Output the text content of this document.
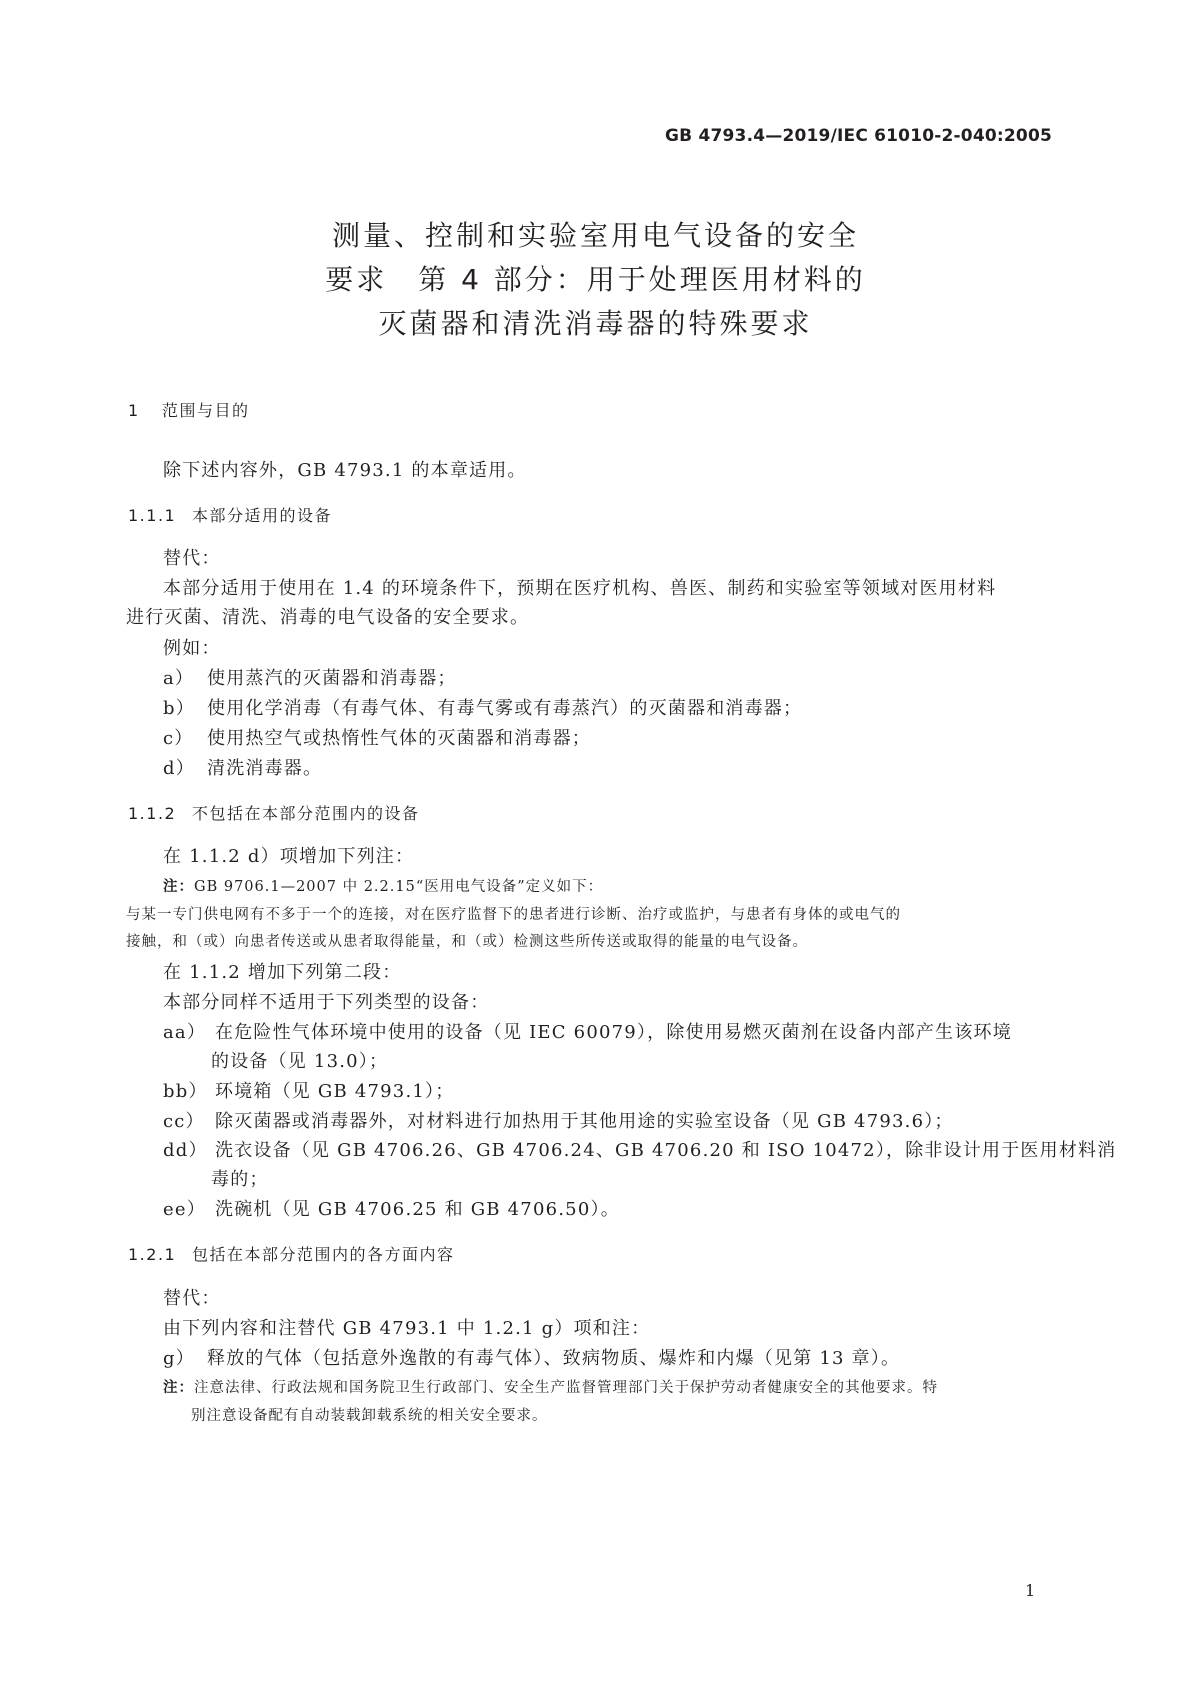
GB 4793.4—2019/IEC 61010-2-040:2005
测量、控制和实验室用电气设备的安全
要求　第 4 部分：用于处理医用材料的
灭菌器和清洗消毒器的特殊要求
1 范围与目的
除下述内容外，GB 4793.1 的本章适用。
1.1.1 本部分适用的设备
替代：
本部分适用于使用在 1.4 的环境条件下，预期在医疗机构、兽医、制药和实验室等领域对医用材料
进行灭菌、清洗、消毒的电气设备的安全要求。
例如：
a） 使用蒸汽的灭菌器和消毒器；
b） 使用化学消毒（有毒气体、有毒气雾或有毒蒸汽）的灭菌器和消毒器；
c） 使用热空气或热惰性气体的灭菌器和消毒器；
d） 清洗消毒器。
1.1.2 不包括在本部分范围内的设备
在 1.1.2 d）项增加下列注：
注：GB 9706.1—2007 中 2.2.15“医用电气设备”定义如下：
与某一专门供电网有不多于一个的连接，对在医疗监督下的患者进行诊断、治疗或监护，与患者有身体的或电气的
接触，和（或）向患者传送或从患者取得能量，和（或）检测这些所传送或取得的能量的电气设备。
在 1.1.2 增加下列第二段：
本部分同样不适用于下列类型的设备：
aa） 在危险性气体环境中使用的设备（见 IEC 60079），除使用易燃灭菌剂在设备内部产生该环境
的设备（见 13.0）；
bb） 环境箱（见 GB 4793.1）；
cc） 除灭菌器或消毒器外，对材料进行加热用于其他用途的实验室设备（见 GB 4793.6）；
dd） 洗衣设备（见 GB 4706.26、GB 4706.24、GB 4706.20 和 ISO 10472），除非设计用于医用材料消
毒的；
ee） 洗碗机（见 GB 4706.25 和 GB 4706.50）。
1.2.1 包括在本部分范围内的各方面内容
替代：
由下列内容和注替代 GB 4793.1 中 1.2.1 g）项和注：
g） 释放的气体（包括意外逸散的有毒气体）、致病物质、爆炸和内爆（见第 13 章）。
注：注意法律、行政法规和国务院卫生行政部门、安全生产监督管理部门关于保护劳动者健康安全的其他要求。特
别注意设备配有自动装载卸载系统的相关安全要求。
1
